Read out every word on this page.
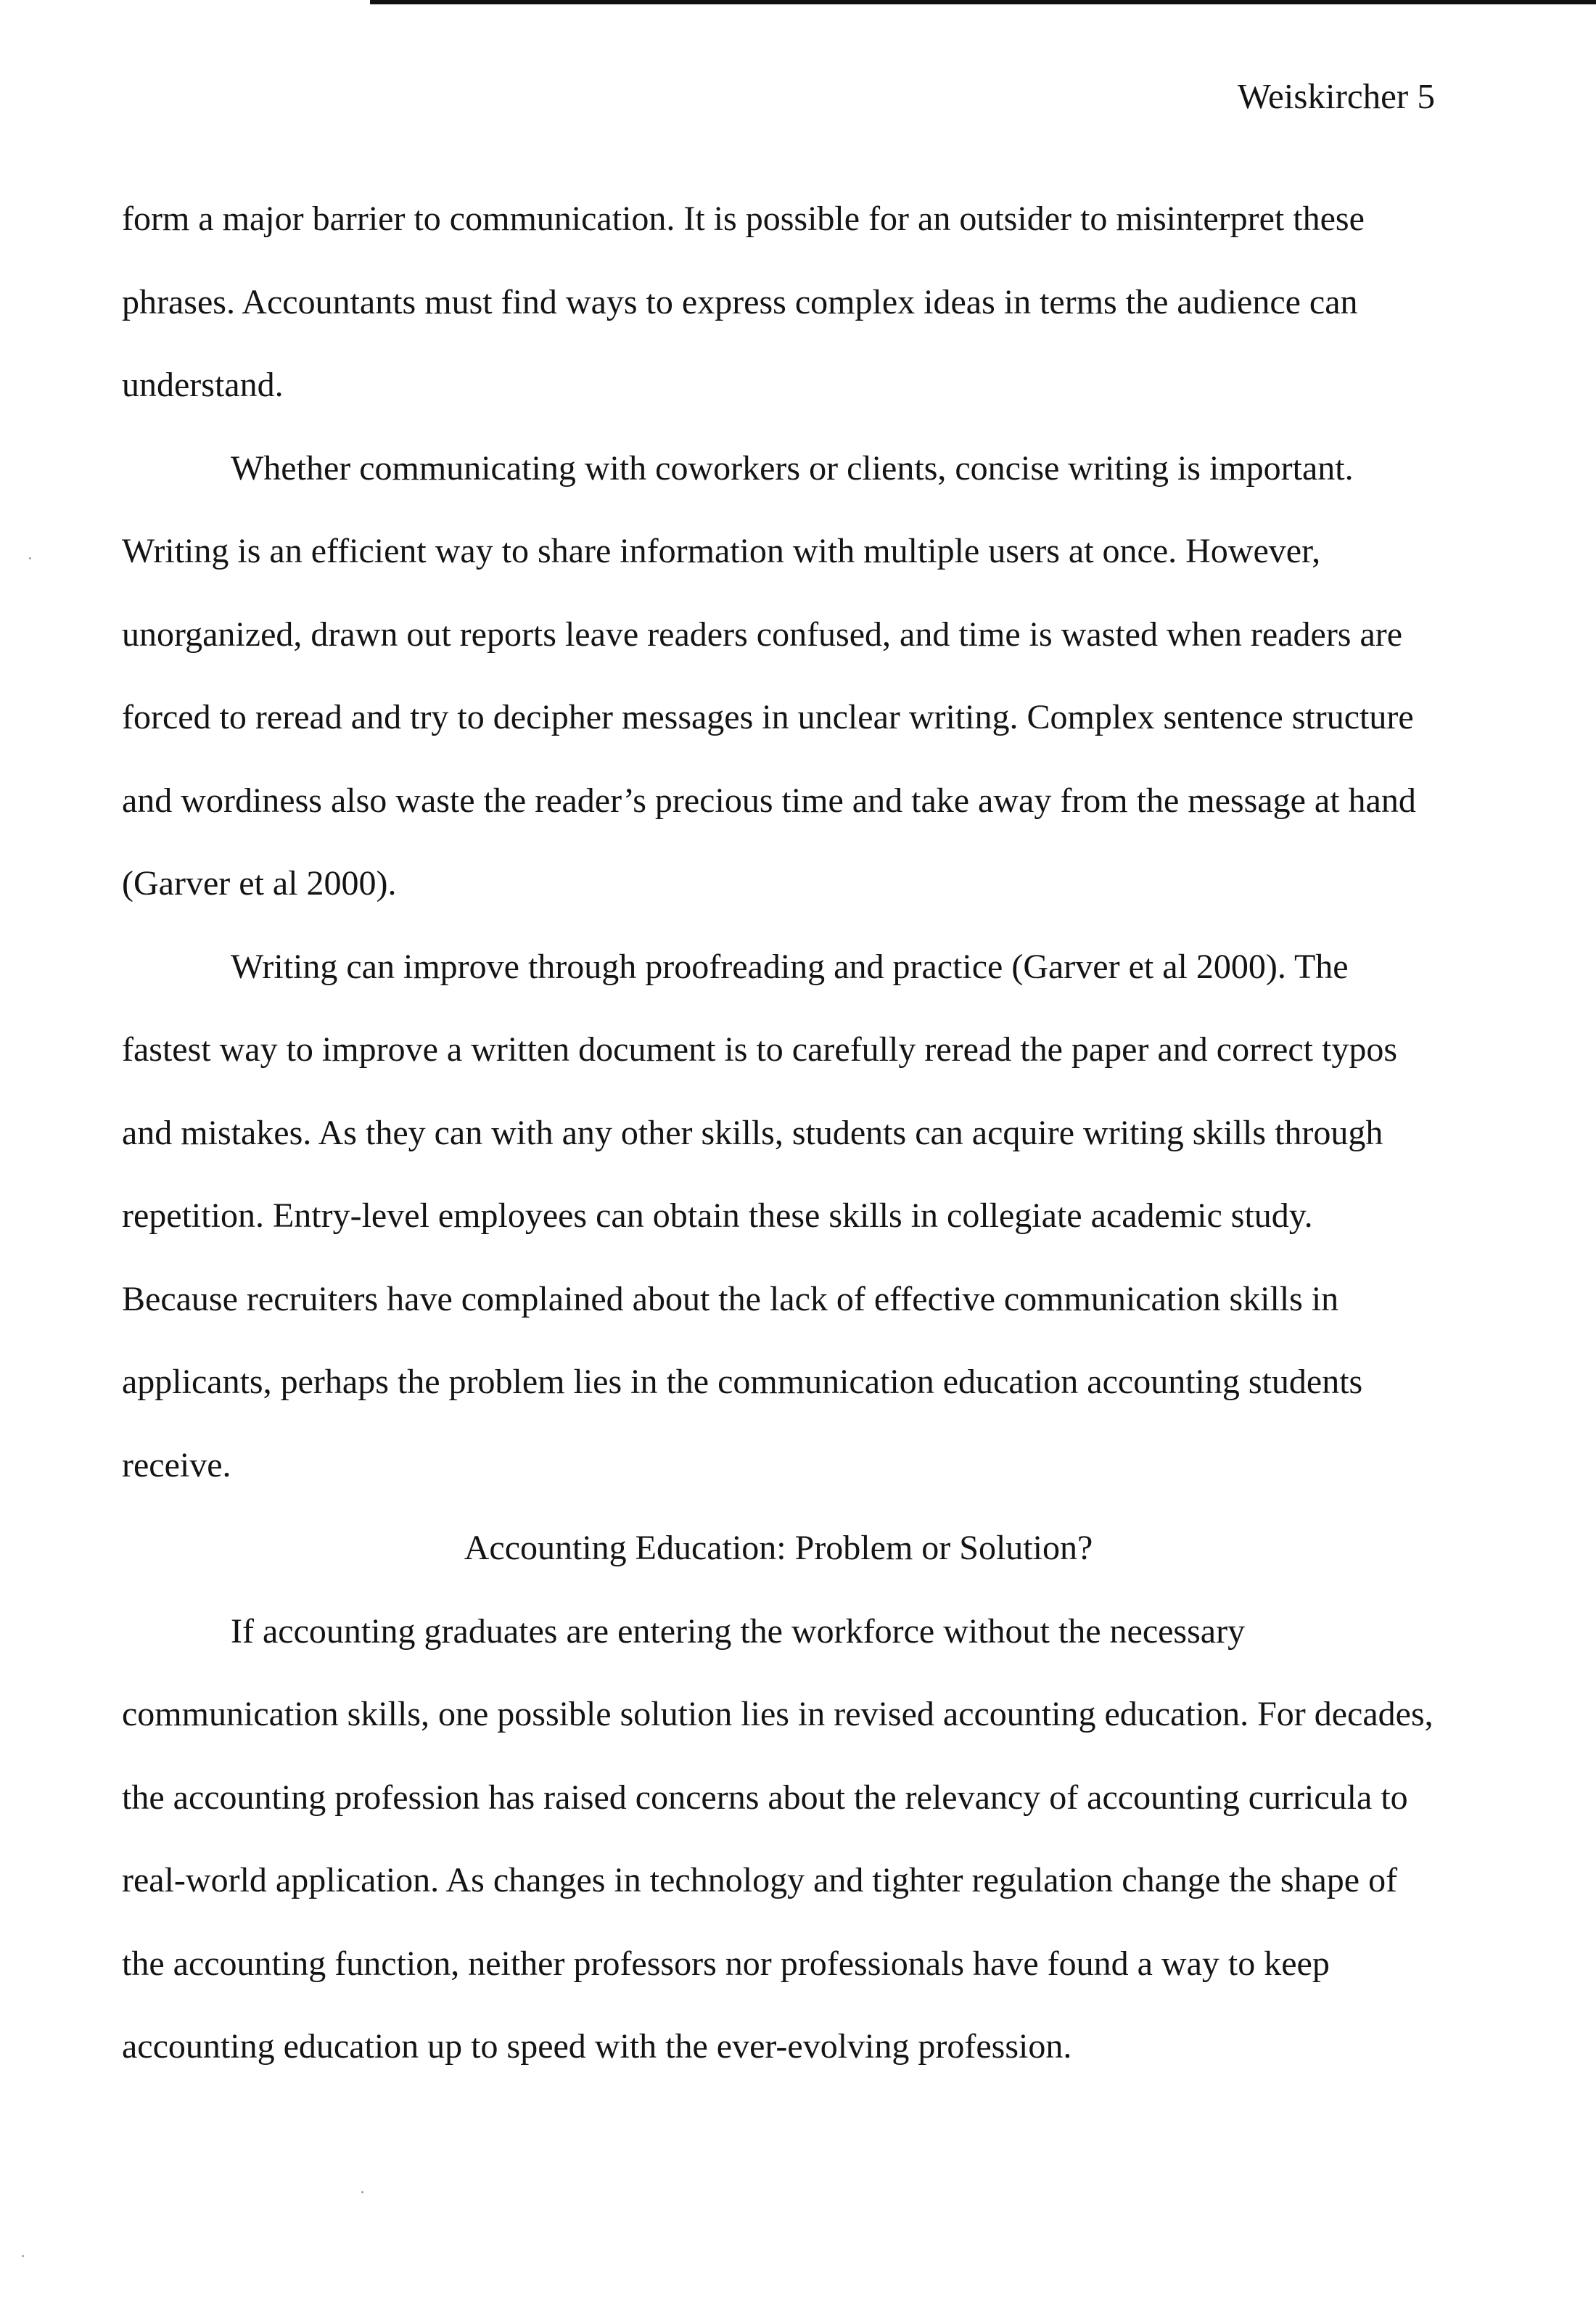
Weiskircher 5

form a major barrier to communication. It is possible for an outsider to misinterpret these phrases. Accountants must find ways to express complex ideas in terms the audience can understand.

Whether communicating with coworkers or clients, concise writing is important. Writing is an efficient way to share information with multiple users at once. However, unorganized, drawn out reports leave readers confused, and time is wasted when readers are forced to reread and try to decipher messages in unclear writing. Complex sentence structure and wordiness also waste the reader’s precious time and take away from the message at hand (Garver et al 2000).

Writing can improve through proofreading and practice (Garver et al 2000). The fastest way to improve a written document is to carefully reread the paper and correct typos and mistakes. As they can with any other skills, students can acquire writing skills through repetition. Entry-level employees can obtain these skills in collegiate academic study. Because recruiters have complained about the lack of effective communication skills in applicants, perhaps the problem lies in the communication education accounting students receive.

Accounting Education: Problem or Solution?

If accounting graduates are entering the workforce without the necessary communication skills, one possible solution lies in revised accounting education. For decades, the accounting profession has raised concerns about the relevancy of accounting curricula to real-world application. As changes in technology and tighter regulation change the shape of the accounting function, neither professors nor professionals have found a way to keep accounting education up to speed with the ever-evolving profession.
